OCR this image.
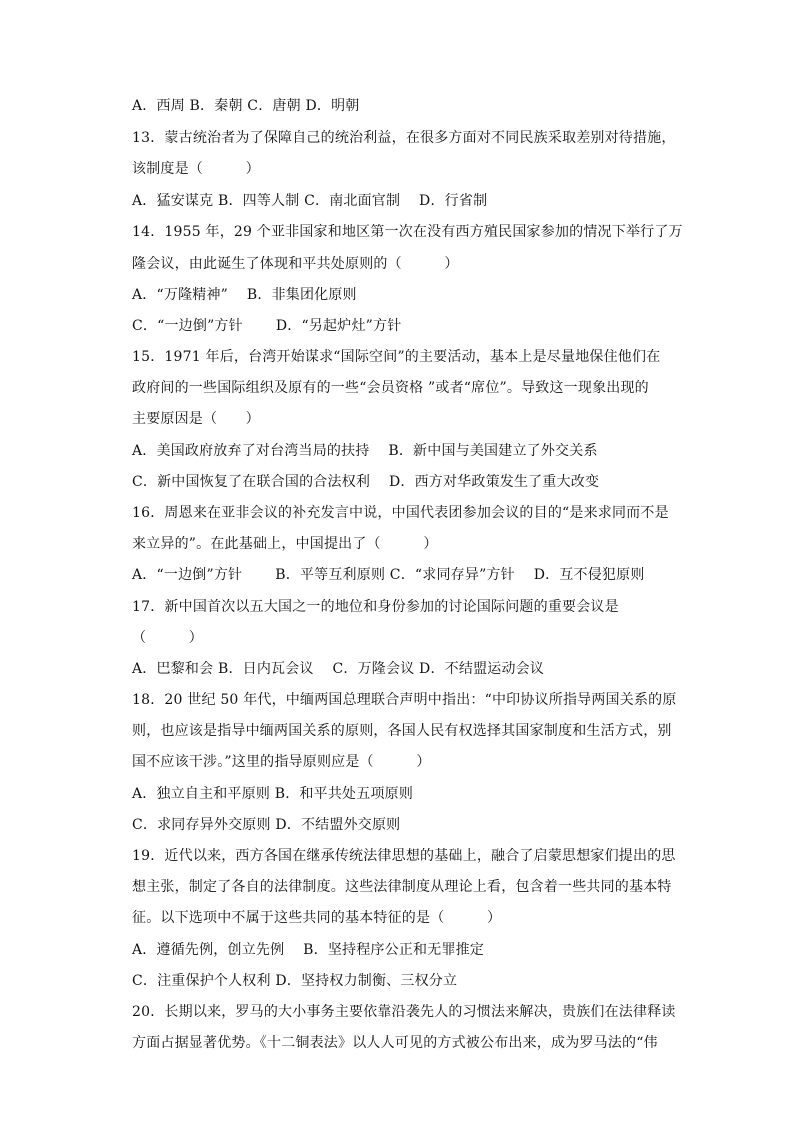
A．西周 B．秦朝 C．唐朝 D．明朝
13．蒙古统治者为了保障自己的统治利益，在很多方面对不同民族采取差别对待措施，
该制度是（　　　）
A．猛安谋克 B．四等人制 C．南北面官制　 D．行省制
14．1955 年，29 个亚非国家和地区第一次在没有西方殖民国家参加的情况下举行了万
隆会议，由此诞生了体现和平共处原则的（　　　）
A．“万隆精神”　 B．非集团化原则
C．“一边倒”方针　　 D．“另起炉灶”方针
15．1971 年后，台湾开始谋求“国际空间”的主要活动，基本上是尽量地保住他们在
政府间的一些国际组织及原有的一些“会员资格 ”或者“席位”。导致这一现象出现的
主要原因是（　　）
A．美国政府放弃了对台湾当局的扶持　 B．新中国与美国建立了外交关系
C．新中国恢复了在联合国的合法权利　 D．西方对华政策发生了重大改变
16．周恩来在亚非会议的补充发言中说，中国代表团参加会议的目的“是来求同而不是
来立异的”。在此基础上，中国提出了（　　　）
A．“一边倒”方针　　 B．平等互利原则 C．“求同存异”方针　 D．互不侵犯原则
17．新中国首次以五大国之一的地位和身份参加的讨论国际问题的重要会议是
（　　　）
A．巴黎和会 B．日内瓦会议　 C．万隆会议 D．不结盟运动会议
18．20 世纪 50 年代，中缅两国总理联合声明中指出：“中印协议所指导两国关系的原
则，也应该是指导中缅两国关系的原则，各国人民有权选择其国家制度和生活方式，别
国不应该干涉。”这里的指导原则应是（　　　）
A．独立自主和平原则 B．和平共处五项原则
C．求同存异外交原则 D．不结盟外交原则
19．近代以来，西方各国在继承传统法律思想的基础上，融合了启蒙思想家们提出的思
想主张，制定了各自的法律制度。这些法律制度从理论上看，包含着一些共同的基本特
征。以下选项中不属于这些共同的基本特征的是（　　　）
A．遵循先例，创立先例　 B．坚持程序公正和无罪推定
C．注重保护个人权利 D．坚持权力制衡、三权分立
20．长期以来，罗马的大小事务主要依靠沿袭先人的习惯法来解决，贵族们在法律释读
方面占据显著优势。《十二铜表法》以人人可见的方式被公布出来，成为罗马法的“伟
